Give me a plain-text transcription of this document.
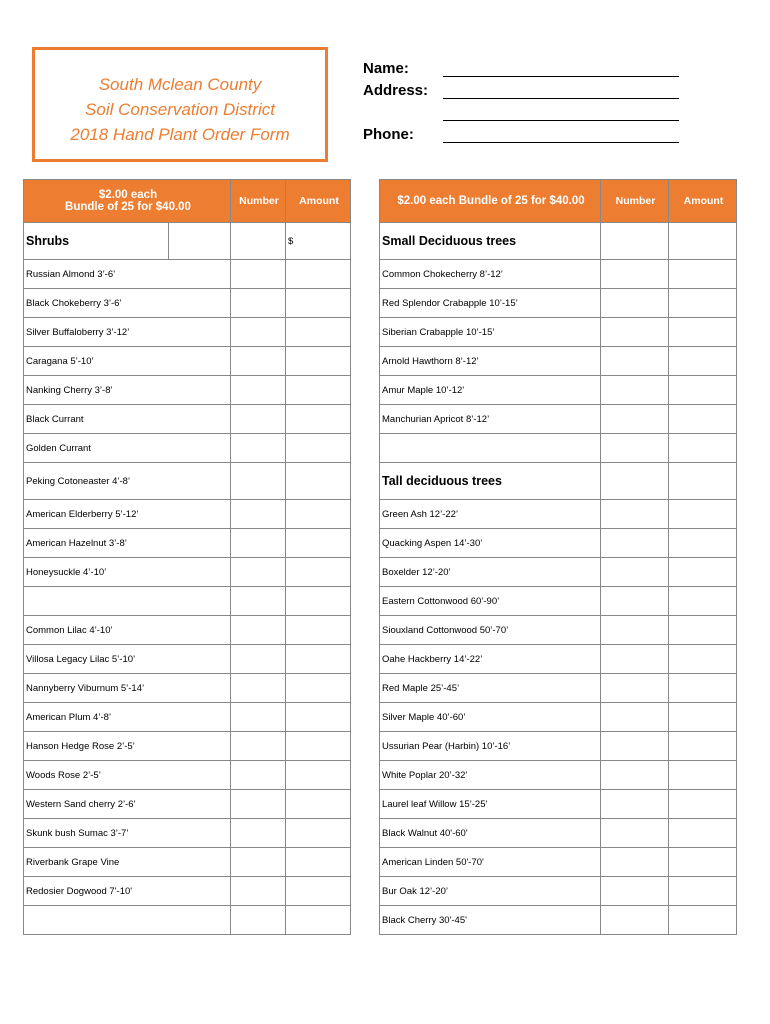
South Mclean County
Soil Conservation District
2018 Hand Plant Order Form
Name:
Address:
Phone:
$2.00 each
Bundle of 25 for $40.00		Number	Amount
Shrubs			$
Russian Almond 3’-6’			
Black Chokeberry 3’-6’			
Silver Buffaloberry 3’-12’			
Caragana 5’-10’			
Nanking Cherry 3’-8’			
Black Currant			
Golden Currant			
Peking Cotoneaster 4’-8’			
American Elderberry 5’-12’			
American Hazelnut 3’-8’			
Honeysuckle 4’-10’			

Common Lilac 4’-10’			
Villosa Legacy Lilac 5’-10’			
Nannyberry Viburnum 5’-14’			
American Plum 4’-8’			
Hanson Hedge Rose 2’-5’			
Woods Rose 2’-5’			
Western Sand cherry 2’-6’			
Skunk bush Sumac 3’-7’			
Riverbank Grape Vine			
Redosier Dogwood 7'-10'			

$2.00 each Bundle of 25 for $40.00	Number	Amount
Small Deciduous trees		
Common Chokecherry 8’-12’		
Red Splendor Crabapple 10’-15’		
Siberian Crabapple 10’-15’		
Arnold Hawthorn 8’-12’		
Amur Maple 10’-12’		
Manchurian Apricot 8’-12’		

Tall deciduous trees		
Green Ash 12’-22’		
Quacking Aspen 14’-30’		
Boxelder 12’-20’		
Eastern Cottonwood 60’-90’		
Siouxland Cottonwood 50’-70’		
Oahe Hackberry 14’-22’		
Red Maple 25’-45’		
Silver Maple 40’-60’		
Ussurian Pear (Harbin) 10’-16’		
White Poplar 20’-32’		
Laurel leaf Willow 15’-25’		
Black Walnut 40'-60'		
American Linden 50'-70'		
Bur Oak 12’-20’		
Black Cherry 30'-45'		
